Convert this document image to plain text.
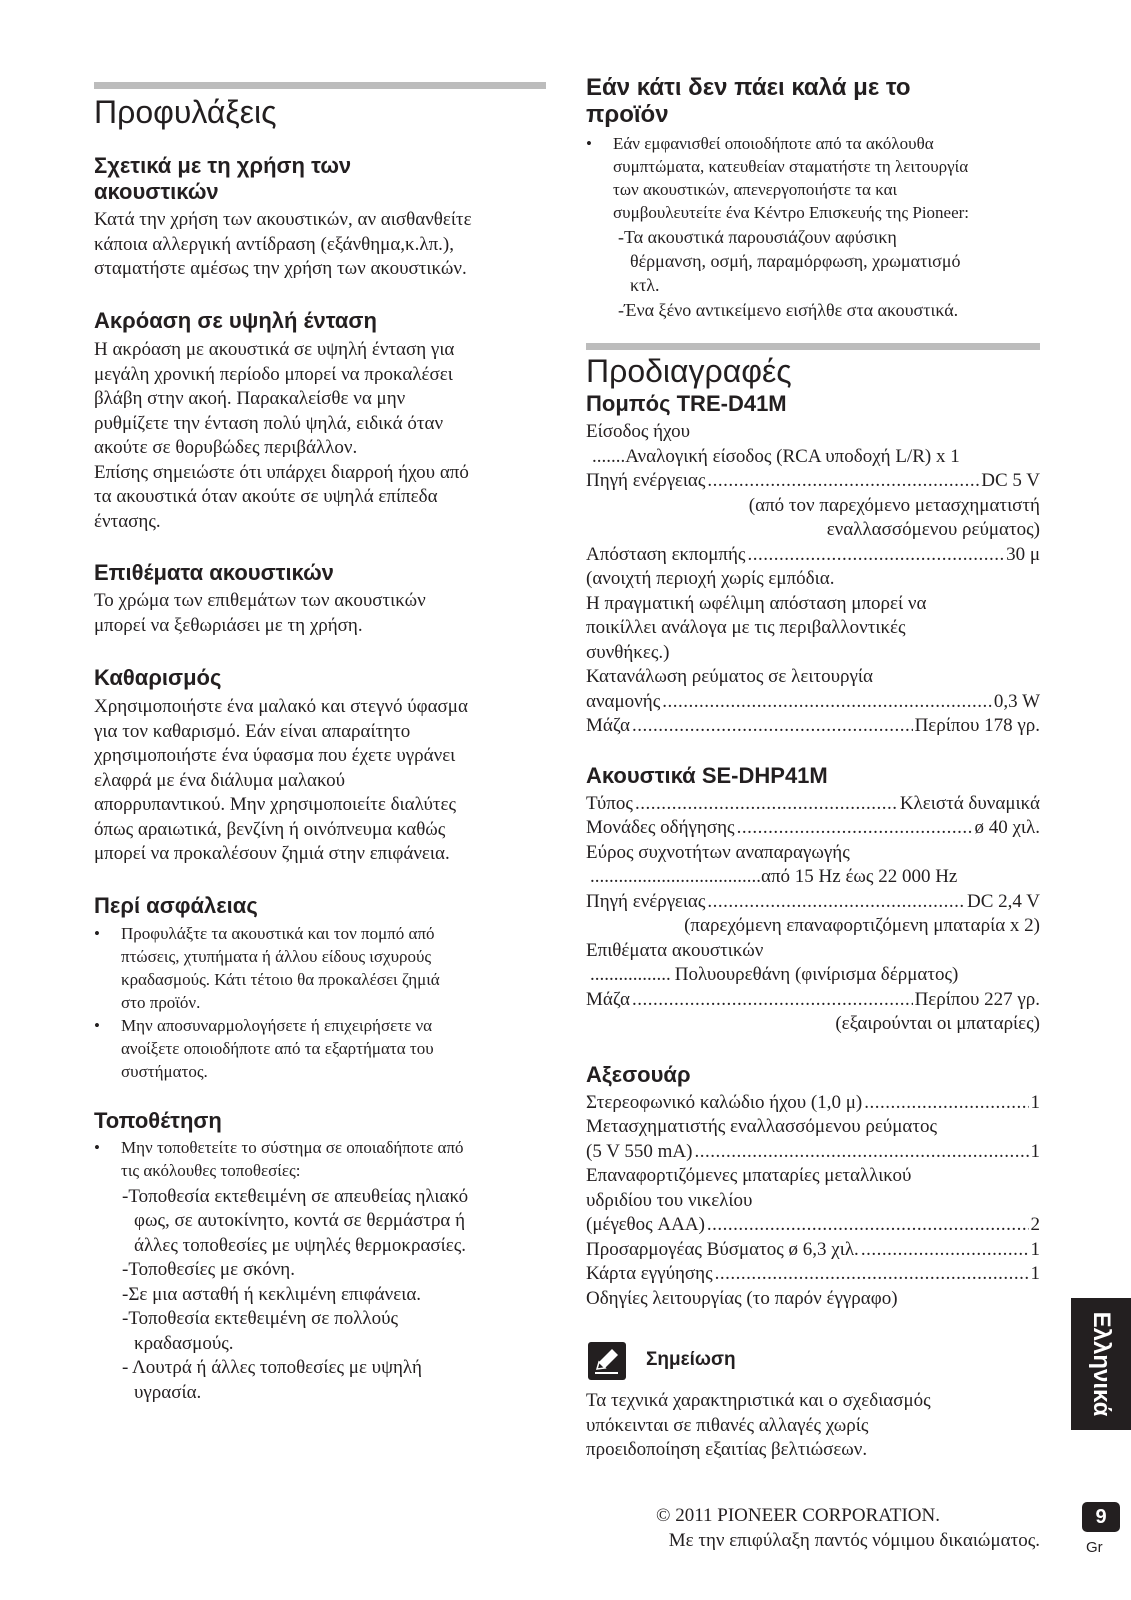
Προφυλάξεις
Σχετικά με τη χρήση των
ακουστικών
Κατά την χρήση των ακουστικών, αν αισθανθείτε
κάποια αλλεργική αντίδραση (εξάνθημα,κ.λπ.),
σταματήστε αμέσως την χρήση των ακουστικών.
Ακρόαση σε υψηλή ένταση
Η ακρόαση με ακουστικά σε υψηλή ένταση για
μεγάλη χρονική περίοδο μπορεί να προκαλέσει
βλάβη στην ακοή. Παρακαλείσθε να μην
ρυθμίζετε την ένταση πολύ ψηλά, ειδικά όταν
ακούτε σε θορυβώδες περιβάλλον.
Επίσης σημειώστε ότι υπάρχει διαρροή ήχου από
τα ακουστικά όταν ακούτε σε υψηλά επίπεδα
έντασης.
Επιθέματα ακουστικών
Το χρώμα των επιθεμάτων των ακουστικών
μπορεί να ξεθωριάσει με τη χρήση.
Καθαρισμός
Χρησιμοποιήστε ένα μαλακό και στεγνό ύφασμα
για τον καθαρισμό. Εάν είναι απαραίτητο
χρησιμοποιήστε ένα ύφασμα που έχετε υγράνει
ελαφρά με ένα διάλυμα μαλακού
απορρυπαντικού. Μην χρησιμοποιείτε διαλύτες
όπως αραιωτικά, βενζίνη ή οινόπνευμα καθώς
μπορεί να προκαλέσουν ζημιά στην επιφάνεια.
Περί ασφάλειας
• Προφυλάξτε τα ακουστικά και τον πομπό από
πτώσεις, χτυπήματα ή άλλου είδους ισχυρούς
κραδασμούς. Κάτι τέτοιο θα προκαλέσει ζημιά
στο προϊόν.
• Μην αποσυναρμολογήσετε ή επιχειρήσετε να
ανοίξετε οποιοδήποτε από τα εξαρτήματα του
συστήματος.
Τοποθέτηση
• Μην τοποθετείτε το σύστημα σε οποιαδήποτε από
τις ακόλουθες τοποθεσίες:
-Τοποθεσία εκτεθειμένη σε απευθείας ηλιακό
φως, σε αυτοκίνητο, κοντά σε θερμάστρα ή
άλλες τοποθεσίες με υψηλές θερμοκρασίες.
-Τοποθεσίες με σκόνη.
-Σε μια ασταθή ή κεκλιμένη επιφάνεια.
-Τοποθεσία εκτεθειμένη σε πολλούς
κραδασμούς.
- Λουτρά ή άλλες τοποθεσίες με υψηλή
υγρασία.
Εάν κάτι δεν πάει καλά με το
προϊόν
• Εάν εμφανισθεί οποιοδήποτε από τα ακόλουθα
συμπτώματα, κατευθείαν σταματήστε τη λειτουργία
των ακουστικών, απενεργοποιήστε τα και
συμβουλευτείτε ένα Κέντρο Επισκευής της Pioneer:
-Τα ακουστικά παρουσιάζουν αφύσικη
θέρμανση, οσμή, παραμόρφωση, χρωματισμό
κτλ.
-Ένα ξένο αντικείμενο εισήλθε στα ακουστικά.
Προδιαγραφές
Πομπός TRE-D41M
Είσοδος ήχου
.......Αναλογική είσοδος (RCA υποδοχή L/R) x 1
Πηγή ενέργειας .....	DC 5 V
(από τον παρεχόμενο μετασχηματιστή
εναλλασσόμενου ρεύματος)
Απόσταση εκπομπής .....	30 μ
(ανοιχτή περιοχή χωρίς εμπόδια.
Η πραγματική ωφέλιμη απόσταση μπορεί να
ποικίλλει ανάλογα με τις περιβαλλοντικές
συνθήκες.)
Κατανάλωση ρεύματος σε λειτουργία
αναμονής .....	0,3 W
Μάζα .....	Περίπου 178 γρ.
Ακουστικά SE-DHP41M
Τύπος .....	Κλειστά δυναμικά
Μονάδες οδήγησης .....	ø 40 χιλ.
Εύρος συχνοτήτων αναπαραγωγής
....................................από 15 Hz έως 22 000 Hz
Πηγή ενέργειας .....	DC 2,4 V
(παρεχόμενη επαναφορτιζόμενη μπαταρία x 2)
Επιθέματα ακουστικών
................. Πολυουρεθάνη (φινίρισμα δέρματος)
Μάζα .....	Περίπου 227 γρ.
(εξαιρούνται οι μπαταρίες)
Αξεσουάρ
Στερεοφωνικό καλώδιο ήχου (1,0 μ) .....	1
Μετασχηματιστής εναλλασσόμενου ρεύματος
(5 V 550 mA) .....	1
Επαναφορτιζόμενες μπαταρίες μεταλλικού
υδριδίου του νικελίου
(μέγεθος AAA) .....	2
Προσαρμογέας Βύσματος ø 6,3 χιλ. .....	1
Κάρτα εγγύησης .....	1
Οδηγίες λειτουργίας (το παρόν έγγραφο)
Τα τεχνικά χαρακτηριστικά και ο σχεδιασμός
υπόκεινται σε πιθανές αλλαγές χωρίς
προειδοποίηση εξαιτίας βελτιώσεων.
© 2011 PIONEER CORPORATION.
Με την επιφύλαξη παντός νόμιμου δικαιώματος.
Σημείωση	Ελληνικά
9
Gr
